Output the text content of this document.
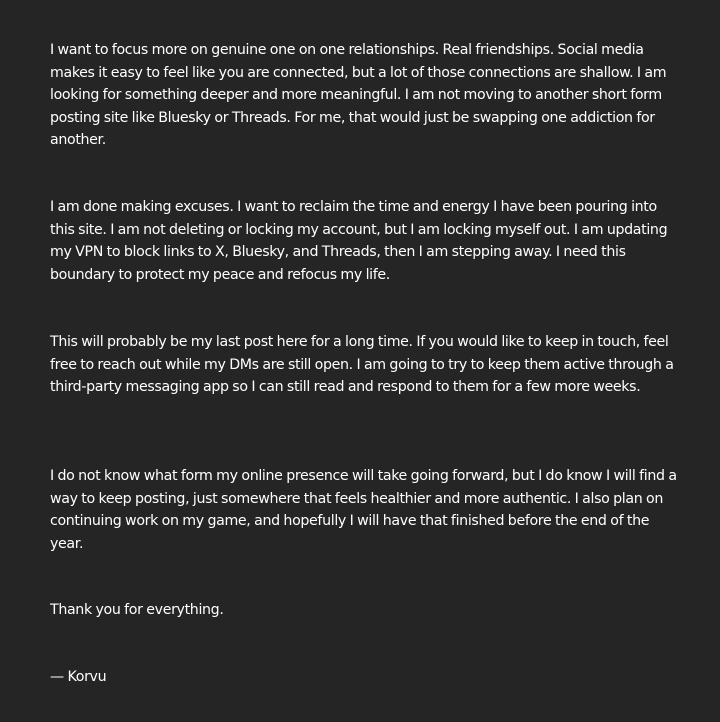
I want to focus more on genuine one on one relationships. Real friendships. Social media makes it easy to feel like you are connected, but a lot of those connections are shallow. I am looking for something deeper and more meaningful. I am not moving to another short form posting site like Bluesky or Threads. For me, that would just be swapping one addiction for another.

I am done making excuses. I want to reclaim the time and energy I have been pouring into this site. I am not deleting or locking my account, but I am locking myself out. I am updating my VPN to block links to X, Bluesky, and Threads, then I am stepping away. I need this boundary to protect my peace and refocus my life.

This will probably be my last post here for a long time. If you would like to keep in touch, feel free to reach out while my DMs are still open. I am going to try to keep them active through a third-party messaging app so I can still read and respond to them for a few more weeks.

I do not know what form my online presence will take going forward, but I do know I will find a way to keep posting, just somewhere that feels healthier and more authentic. I also plan on continuing work on my game, and hopefully I will have that finished before the end of the year.

Thank you for everything.

— Korvu
